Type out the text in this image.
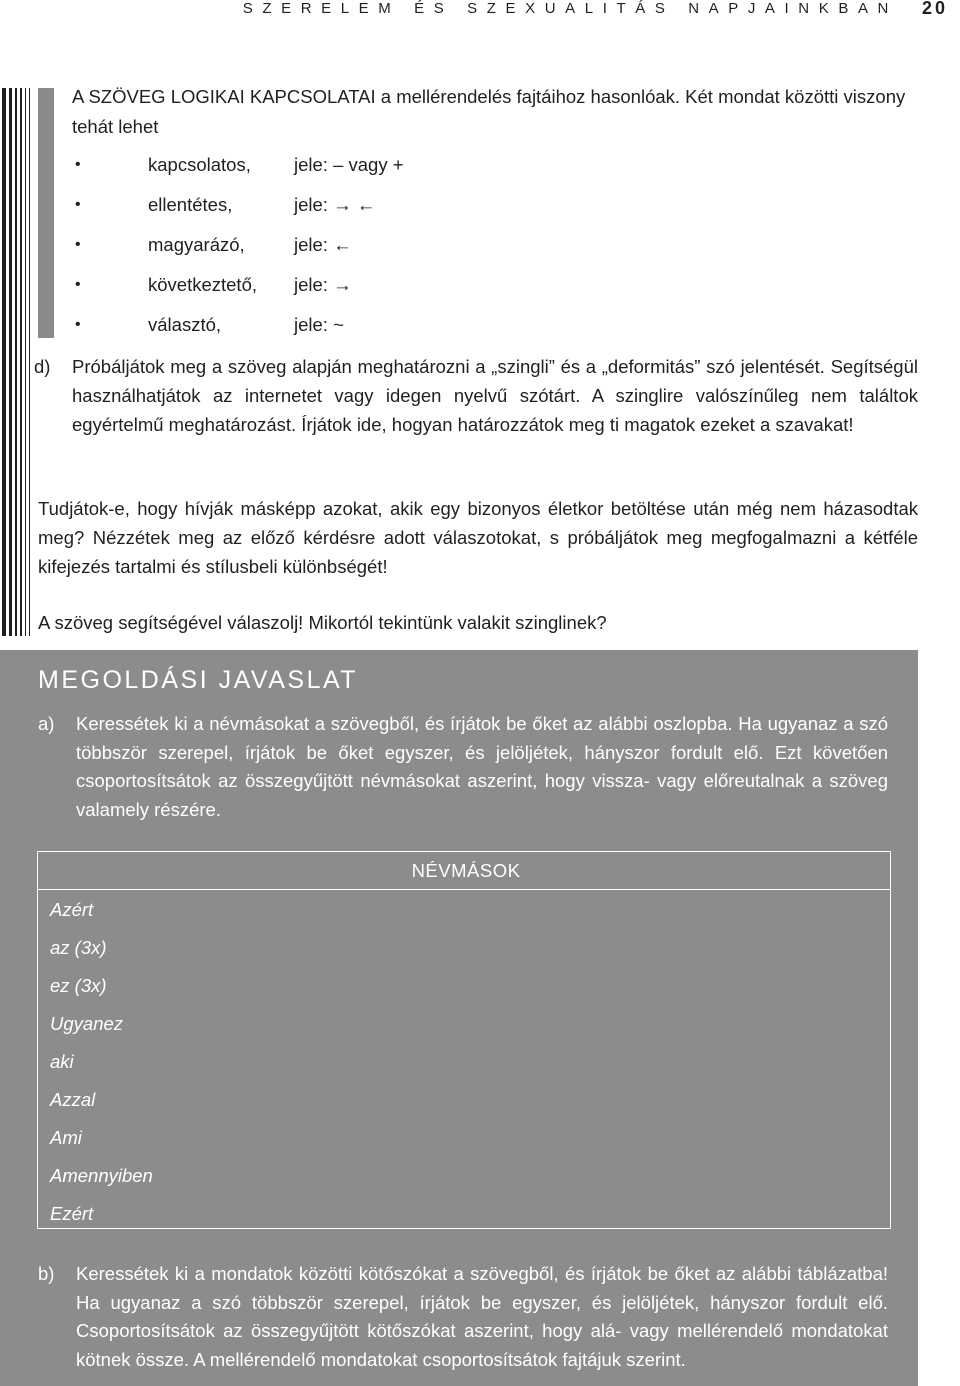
SZERELEM ÉS SZEXUALITÁS NAPJAINKBAN 20
A SZÖVEG LOGIKAI KAPCSOLATAI a mellérendelés fajtáihoz hasonlóak. Két mondat közötti viszony tehát lehet
•	kapcsolatos, jele: – vagy +
•	ellentétes,	jele: → ←
•	magyarázó,	jele: ←
•	következtető, jele: →
•	választó,	jele: ~
d) Próbáljátok meg a szöveg alapján meghatározni a „szingli” és a „deformitás” szó jelentését. Segítségül használhatjátok az internetet vagy idegen nyelvű szótárt. A szinglire valószínűleg nem találtok egyértelmű meghatározást. Írjátok ide, hogyan határozzátok meg ti magatok ezeket a szavakat!
Tudjátok-e, hogy hívják másképp azokat, akik egy bizonyos életkor betöltése után még nem házasodtak meg? Nézzétek meg az előző kérdésre adott válaszotokat, s próbáljátok meg megfogalmazni a kétféle kifejezés tartalmi és stílusbeli különbségét!
A szöveg segítségével válaszolj! Mikortól tekintünk valakit szinglinek?
MEGOLDÁSI JAVASLAT
a) Keressétek ki a névmásokat a szövegből, és írjátok be őket az alábbi oszlopba. Ha ugyanaz a szó többször szerepel, írjátok be őket egyszer, és jelöljétek, hányszor fordult elő. Ezt követően csoportosítsátok az összegyűjtött névmásokat aszerint, hogy vissza- vagy előreutalnak a szöveg valamely részére.
NÉVMÁSOK
Azért
az (3x)
ez (3x)
Ugyanez
aki
Azzal
Ami
Amennyiben
Ezért
b) Keressétek ki a mondatok közötti kötőszókat a szövegből, és írjátok be őket az alábbi táblázatba! Ha ugyanaz a szó többször szerepel, írjátok be egyszer, és jelöljétek, hányszor fordult elő. Csoportosítsátok az összegyűjtött kötőszókat aszerint, hogy alá- vagy mellérendelő mondatokat kötnek össze. A mellérendelő mondatokat csoportosítsátok fajtájuk szerint.
